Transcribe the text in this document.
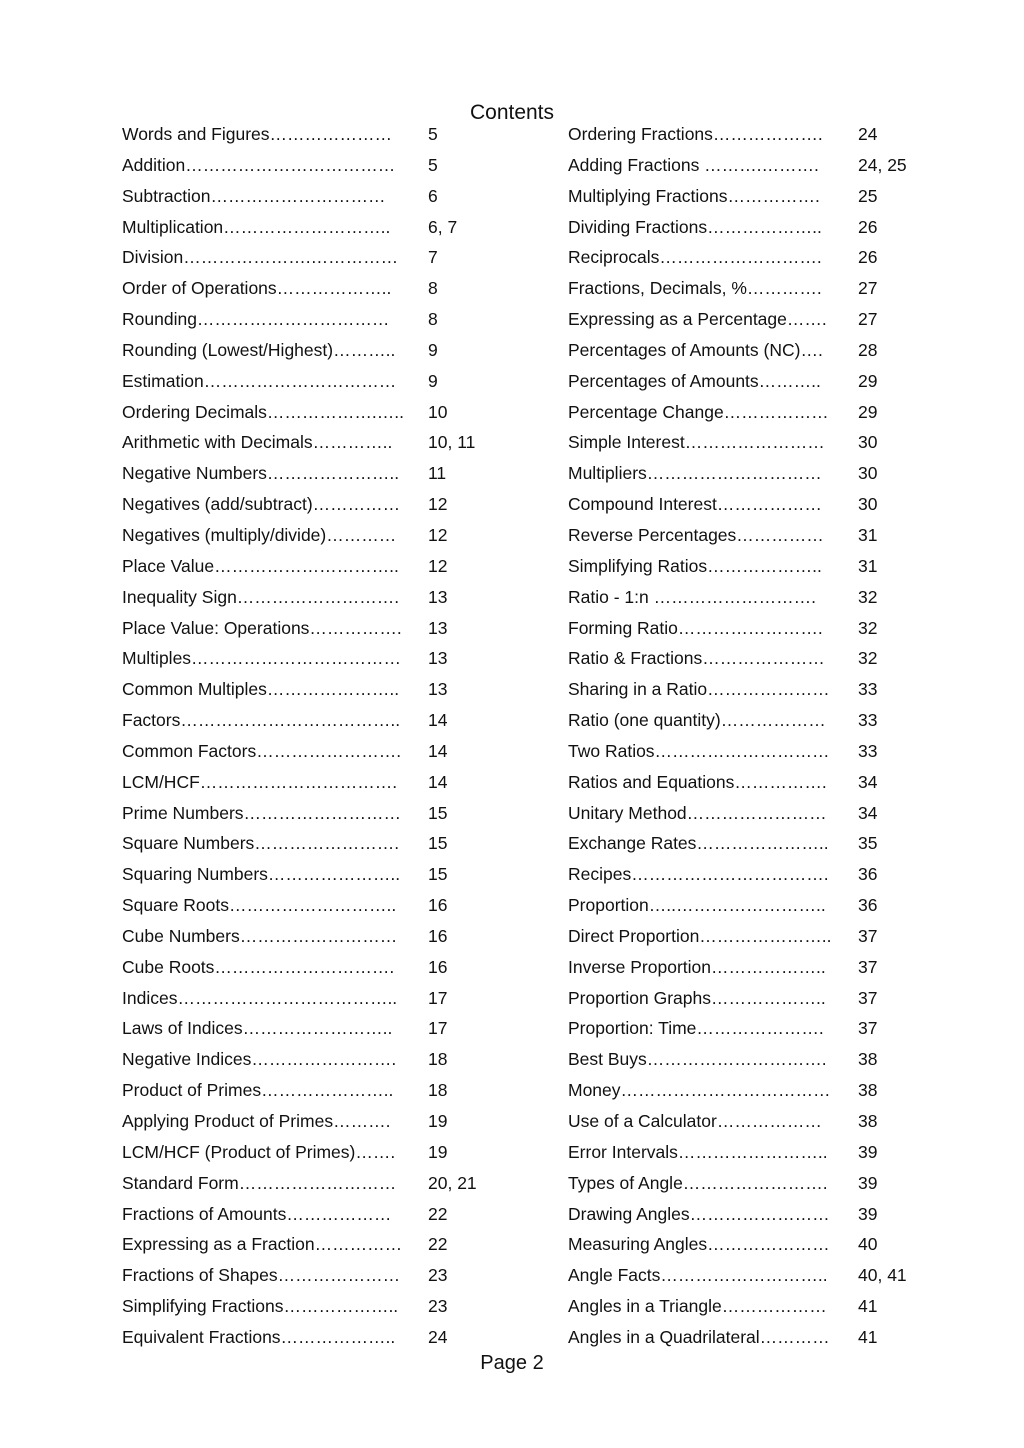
Contents
Words and Figures…………………	5
Addition………………………………	5
Subtraction…………………………	6
Multiplication………………………..	6, 7
Division………………….……………	7
Order of Operations………………..	8
Rounding……………………………	8
Rounding (Lowest/Highest)………..	9
Estimation……………………………	9
Ordering Decimals……………….…..	10
Arithmetic with Decimals…………..	10, 11
Negative Numbers…………………..	11
Negatives (add/subtract)……………	12
Negatives (multiply/divide)…………	12
Place Value…………………………..	12
Inequality Sign……………………….	13
Place Value: Operations…………….	13
Multiples………………………………	13
Common Multiples…………………..	13
Factors………………………………..	14
Common Factors…………………….	14
LCM/HCF…………………………….	14
Prime Numbers………………………	15
Square Numbers…………………….	15
Squaring Numbers…………………..	15
Square Roots………………………..	16
Cube Numbers………………………	16
Cube Roots………………………….	16
Indices………………………………..	17
Laws of Indices……………………..	17
Negative Indices…………………….	18
Product of Primes…………………..	18
Applying Product of Primes……….	19
LCM/HCF (Product of Primes)…….	19
Standard Form………………………	20, 21
Fractions of Amounts………………	22
Expressing as a Fraction……………	22
Fractions of Shapes…………………	23
Simplifying Fractions………………..	23
Equivalent Fractions………………..	24
Ordering Fractions……………….	24
Adding Fractions ……….……….	24, 25
Multiplying Fractions…………….	25
Dividing Fractions………………..	26
Reciprocals……………………….	26
Fractions, Decimals, %………….	27
Expressing as a Percentage…….	27
Percentages of Amounts (NC)….	28
Percentages of Amounts………..	29
Percentage Change………………	29
Simple Interest……………………	30
Multipliers…………………………	30
Compound Interest………………	30
Reverse Percentages……………	31
Simplifying Ratios………………..	31
Ratio - 1:n ……………………….	32
Forming Ratio…………………….	32
Ratio & Fractions…………………	32
Sharing in a Ratio…………………	33
Ratio (one quantity)………………	33
Two Ratios…………………………	33
Ratios and Equations…………….	34
Unitary Method……………………	34
Exchange Rates…………………..	35
Recipes…………………………….	36
Proportion…..……………………..	36
Direct Proportion…………………..	37
Inverse Proportion………………..	37
Proportion Graphs………………..	37
Proportion: Time………………….	37
Best Buys………………………….	38
Money………………………………	38
Use of a Calculator………………	38
Error Intervals……………………..	39
Types of Angle…………………….	39
Drawing Angles……………………	39
Measuring Angles…………………	40
Angle Facts………………………..	40, 41
Angles in a Triangle………………	41
Angles in a Quadrilateral…………	41
Page 2
